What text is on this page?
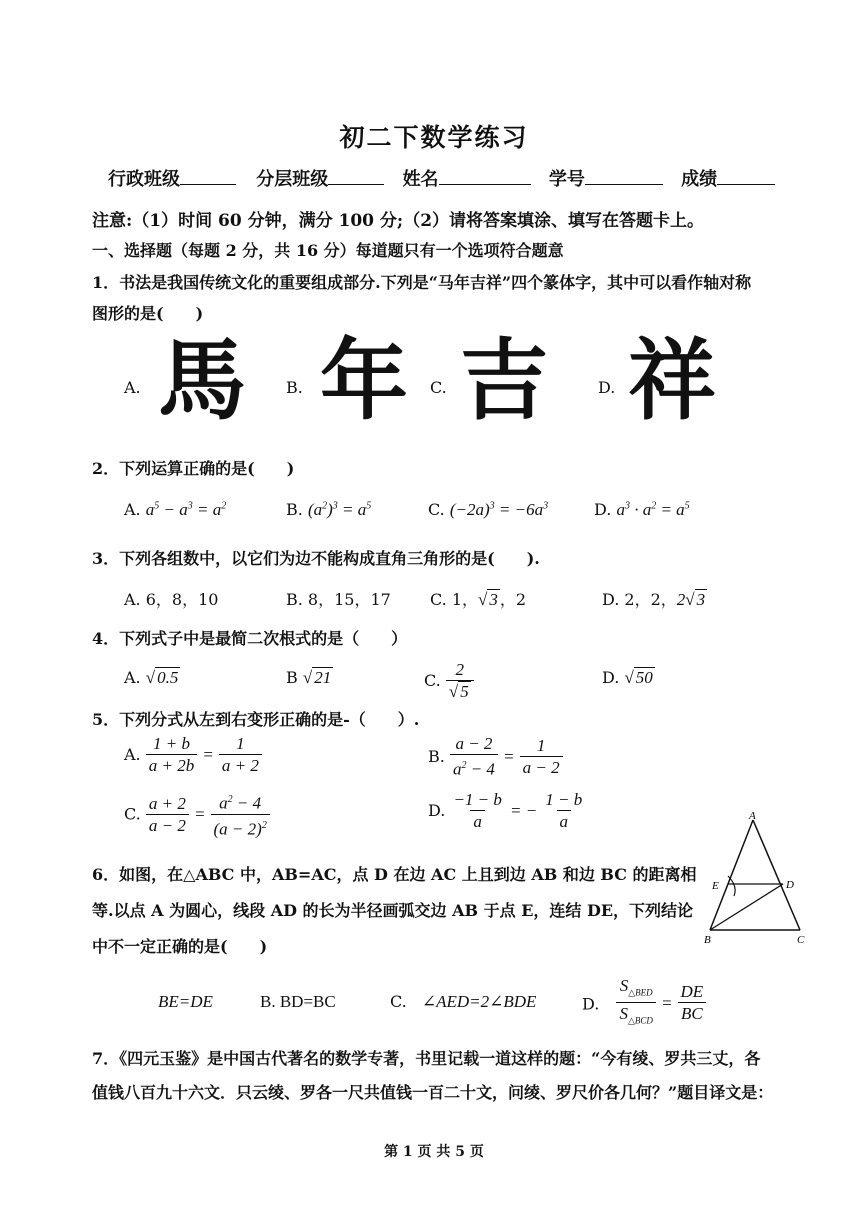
初二下数学练习
行政班级	分层班级	姓名	学号	成绩
注意:（1）时间 60 分钟，满分 100 分;（2）请将答案填涂、填写在答题卡上。
一、选择题（每题 2 分，共 16 分）每道题只有一个选项符合题意
1．书法是我国传统文化的重要组成部分.下列是“马年吉祥”四个篆体字，其中可以看作轴对称
图形的是(　　)
A. 馬 B. 年 C. 吉	D. 祥
2．下列运算正确的是(　　)
A. $a^5 - a^3 = a^2$	B. $(a^2)^3 = a^5$	C. $(-2a)^3 = -6a^3$	D. $a^3 \cdot a^2 = a^5$
3．下列各组数中，以它们为边不能构成直角三角形的是(　　).
A. 6，8，10	B. 8，15，17 C. 1，√ 3 ，2	D. 2，2，2√ 3
4．下列式子中是最简二次根式的是（　　）
A. √ 0.5	B √ 21	C. $\frac{2}{√ 5}$	D. √ 50
5．下列分式从左到右变形正确的是-（　　）.
A. $\frac{1 + b}{a + 2b} = \frac{1}{a + 2}$	B. $\frac{a - 2}{a^2 - 4} = \frac{1}{a - 2}$
C. $\frac{a + 2}{a - 2} = \frac{a^2 - 4}{(a - 2)^2}$	D. $\frac{-1 - b}{a}$ = − $\frac{1 - b}{a}$
6．如图，在△ABC 中，AB=AC，点 D 在边 AC 上且到边 AB 和边 BC 的距离相
等.以点 A 为圆心，线段 AD 的长为半径画弧交边 AB 于点 E，连结 DE，下列结论
中不一定正确的是(　　)
A
E	D
B	C
BE=DE	B. BD=BC	C. ∠AED=2∠BDE	D. $\frac{S_{\triangle BED}}{S_{\triangle BCD}} = \frac{DE}{BC}$
7．《四元玉鉴》是中国古代著名的数学专著，书里记载一道这样的题：“今有绫、罗共三丈，各
值钱八百九十六文．只云绫、罗各一尺共值钱一百二十文，问绫、罗尺价各几何？”题目译文是：
第 1 页 共 5 页
